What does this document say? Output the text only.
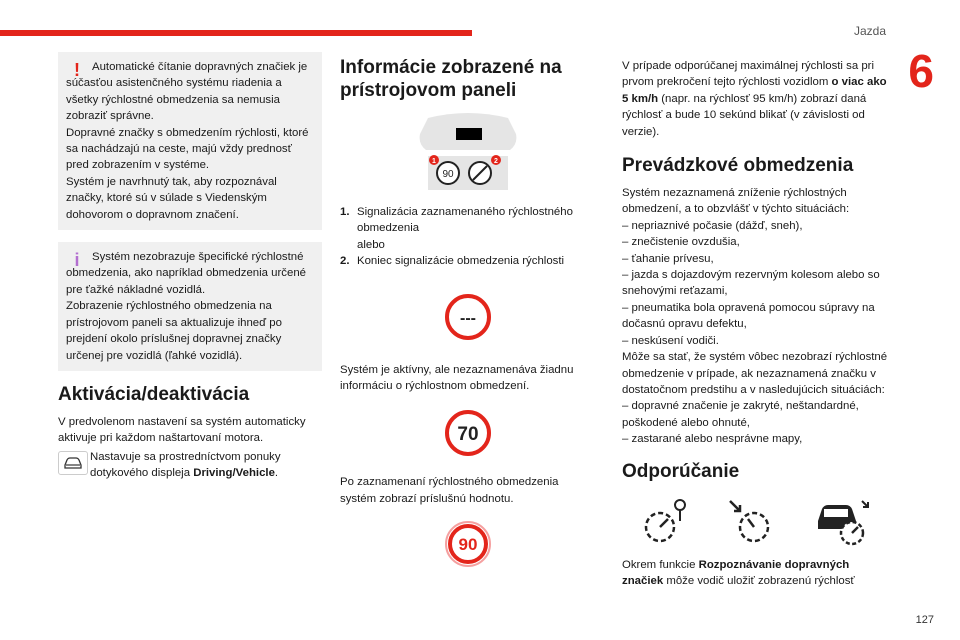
Jazda
6
127
!	Automatické čítanie dopravných značiek je súčasťou asistenčného systému riadenia a všetky rýchlostné obmedzenia sa nemusia zobraziť správne.

Dopravné značky s obmedzením rýchlosti, ktoré sa nachádzajú na ceste, majú vždy prednosť pred zobrazením v systéme.

Systém je navrhnutý tak, aby rozpoznával značky, ktoré sú v súlade s Viedenským dohovorom o dopravnom značení.

i	Systém nezobrazuje špecifické rýchlostné obmedzenia, ako napríklad obmedzenia určené pre ťažké nákladné vozidlá.

Zobrazenie rýchlostného obmedzenia na prístrojovom paneli sa aktualizuje ihneď po prejdení okolo príslušnej dopravnej značky určenej pre vozidlá (ľahké vozidlá).

Aktivácia/deaktivácia

V predvolenom nastavení sa systém automaticky aktivuje pri každom naštartovaní motora.

Nastavuje sa prostredníctvom ponuky dotykového displeja Driving/Vehicle.
Informácie zobrazené na prístrojovom paneli
90
1	2
1. Signalizácia zaznamenaného rýchlostného obmedzenia
alebo
2. Koniec signalizácie obmedzenia rýchlosti
---

Systém je aktívny, ale nezaznamenáva žiadnu informáciu o rýchlostnom obmedzení.

70

Po zaznamenaní rýchlostného obmedzenia systém zobrazí príslušnú hodnotu.

90

V prípade odporúčanej maximálnej rýchlosti sa pri prvom prekročení tejto rýchlosti vozidlom o viac ako 5 km/h (napr. na rýchlosť 95 km/h) zobrazí daná rýchlosť a bude 10 sekúnd blikať (v závislosti od verzie).

Prevádzkové obmedzenia
Systém nezaznamená zníženie rýchlostných obmedzení, a to obzvlášť v týchto situáciách:
– nepriaznivé počasie (dážď, sneh),
– znečistenie ovzdušia,
– ťahanie prívesu,
– jazda s dojazdovým rezervným kolesom alebo so snehovými reťazami,
– pneumatika bola opravená pomocou súpravy na dočasnú opravu defektu,
– neskúsení vodiči.
Môže sa stať, že systém vôbec nezobrazí rýchlostné obmedzenie v prípade, ak nezaznamená značku v dostatočnom predstihu a v nasledujúcich situáciách:
– dopravné značenie je zakryté, neštandardné, poškodené alebo ohnuté,
– zastarané alebo nesprávne mapy,
Odporúčanie

Okrem funkcie Rozpoznávanie dopravných značiek môže vodič uložiť zobrazenú rýchlosť
